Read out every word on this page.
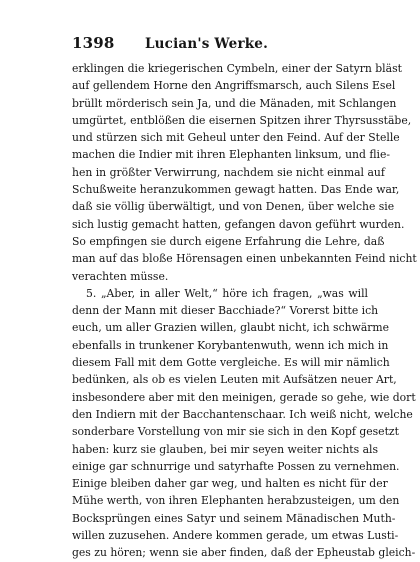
1398 Lucian's Werke.
erklingen die kriegerischen Cymbeln, einer der Satyrn bläst
auf gellendem Horne den Angriffsmarsch, auch Silens Esel
brüllt mörderisch sein Ja, und die Mänaden, mit Schlangen
umgürtet, entblößen die eisernen Spitzen ihrer Thyrsusstäbe,
und stürzen sich mit Geheul unter den Feind. Auf der Stelle
machen die Indier mit ihren Elephanten linksum, und flie-
hen in größter Verwirrung, nachdem sie nicht einmal auf
Schußweite heranzukommen gewagt hatten. Das Ende war,
daß sie völlig überwältigt, und von Denen, über welche sie
sich lustig gemacht hatten, gefangen davon geführt wurden.
So empfingen sie durch eigene Erfahrung die Lehre, daß
man auf das bloße Hörensagen einen unbekannten Feind nicht
verachten müsse.
5. „Aber, in aller Welt,“ höre ich fragen, „was will
denn der Mann mit dieser Bacchiade?“ Vorerst bitte ich
euch, um aller Grazien willen, glaubt nicht, ich schwärme
ebenfalls in trunkener Korybantenwuth, wenn ich mich in
diesem Fall mit dem Gotte vergleiche. Es will mir nämlich
bedünken, als ob es vielen Leuten mit Aufsätzen neuer Art,
insbesondere aber mit den meinigen, gerade so gehe, wie dort
den Indiern mit der Bacchantenschaar. Ich weiß nicht, welche
sonderbare Vorstellung von mir sie sich in den Kopf gesetzt
haben: kurz sie glauben, bei mir seyen weiter nichts als
einige gar schnurrige und satyrhafte Possen zu vernehmen.
Einige bleiben daher gar weg, und halten es nicht für der
Mühe werth, von ihren Elephanten herabzusteigen, um den
Bocksprüngen eines Satyr und seinem Mänadischen Muth-
willen zuzusehen. Andere kommen gerade, um etwas Lusti-
ges zu hören; wenn sie aber finden, daß der Epheustab gleich-
